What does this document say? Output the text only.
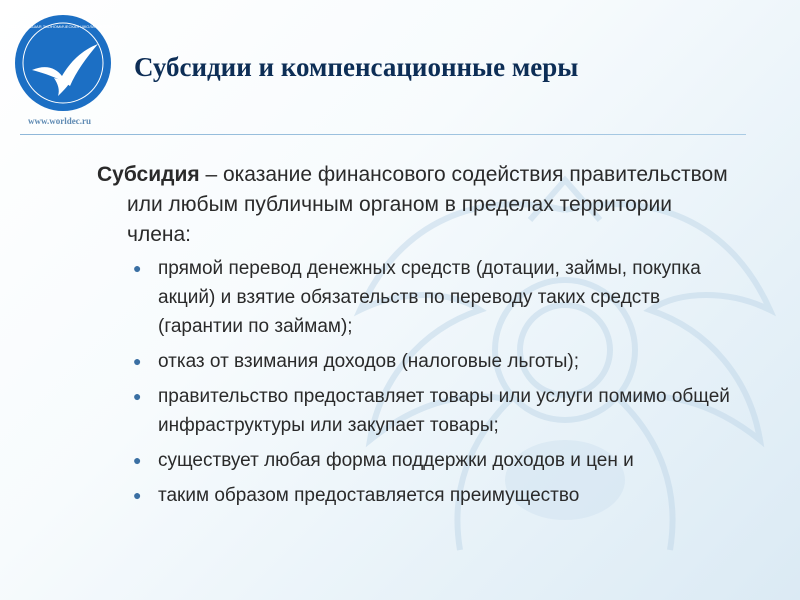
СПБГУ · ВЫСШАЯ ЭКОНОМИЧЕСКАЯ ШКОЛА · ИНСТИТУТ
www.worldec.ru
Субсидии и компенсационные меры

Субсидия – оказание финансового содействия правительством или любым публичным органом в пределах территории члена:

● прямой перевод денежных средств (дотации, займы, покупка акций) и взятие обязательств по переводу таких средств (гарантии по займам);
● отказ от взимания доходов (налоговые льготы);
● правительство предоставляет товары или услуги помимо общей инфраструктуры или закупает товары;
● существует любая форма поддержки доходов и цен и
● таким образом предоставляется преимущество
